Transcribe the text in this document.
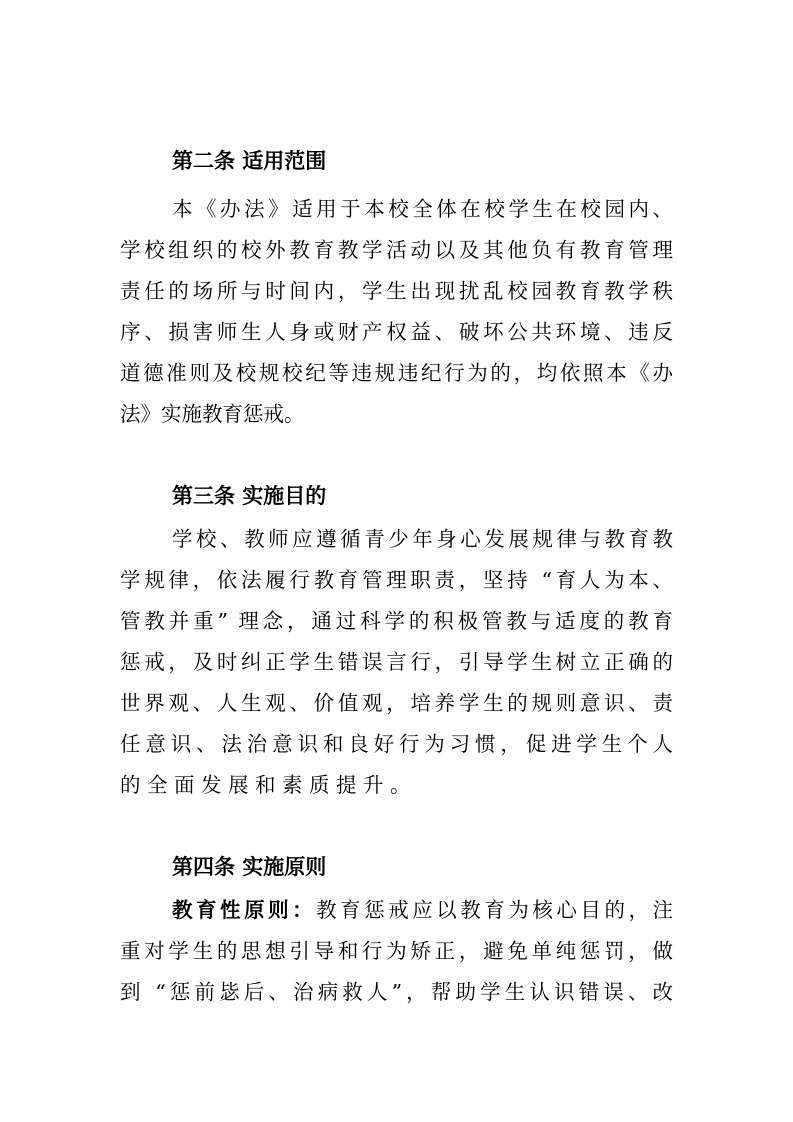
第二条 适用范围
本《办法》适用于本校全体在校学生在校园内、
学校组织的校外教育教学活动以及其他负有教育管理
责任的场所与时间内，学生出现扰乱校园教育教学秩
序、损害师生人身或财产权益、破坏公共环境、违反
道德准则及校规校纪等违规违纪行为的，均依照本《办
法》实施教育惩戒。
第三条 实施目的
学校、教师应遵循青少年身心发展规律与教育教
学规律，依法履行教育管理职责，坚持 “育人为本、
管教并重” 理念，通过科学的积极管教与适度的教育
惩戒，及时纠正学生错误言行，引导学生树立正确的
世界观、人生观、价值观，培养学生的规则意识、责
任意识、法治意识和良好行为习惯，促进学生个人
的全面发展和素质提升。
第四条 实施原则
教育性原则：教育惩戒应以教育为核心目的，注
重对学生的思想引导和行为矫正，避免单纯惩罚，做
到 “惩前毖后、治病救人”，帮助学生认识错误、改
